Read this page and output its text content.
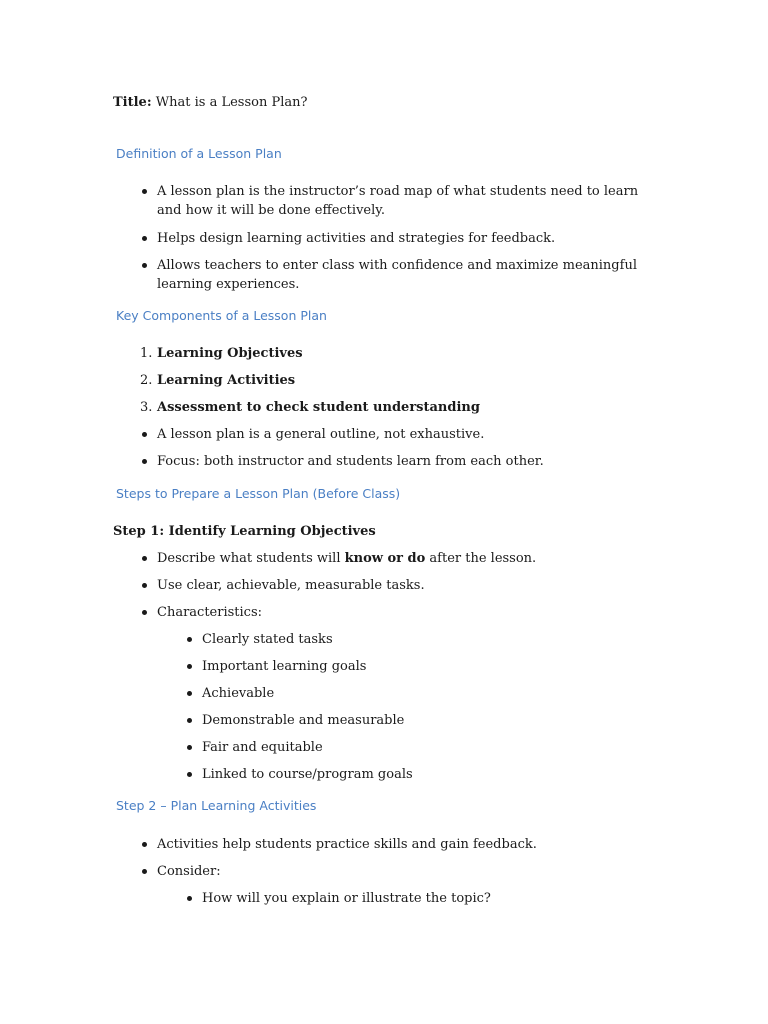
Title: What is a Lesson Plan?
Definition of a Lesson Plan
A lesson plan is the instructor’s road map of what students need to learn and how it will be done effectively.
Helps design learning activities and strategies for feedback.
Allows teachers to enter class with confidence and maximize meaningful learning experiences.
Key Components of a Lesson Plan
1. Learning Objectives
2. Learning Activities
3. Assessment to check student understanding
A lesson plan is a general outline, not exhaustive.
Focus: both instructor and students learn from each other.
Steps to Prepare a Lesson Plan (Before Class)
Step 1: Identify Learning Objectives
Describe what students will know or do after the lesson.
Use clear, achievable, measurable tasks.
Characteristics:
Clearly stated tasks
Important learning goals
Achievable
Demonstrable and measurable
Fair and equitable
Linked to course/program goals
Step 2 – Plan Learning Activities
Activities help students practice skills and gain feedback.
Consider:
How will you explain or illustrate the topic?
